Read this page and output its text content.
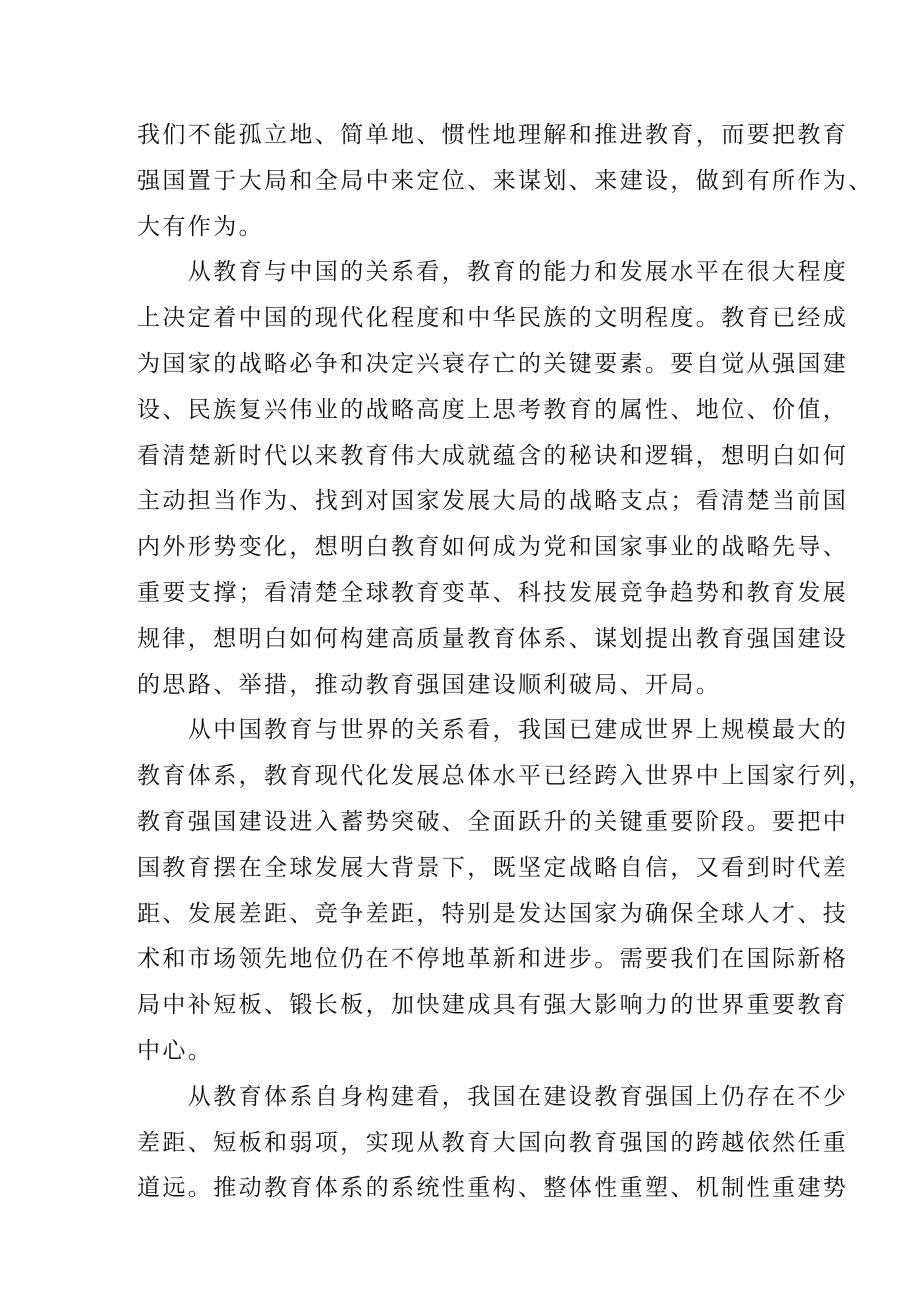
我们不能孤立地、简单地、惯性地理解和推进教育，而要把教育
强国置于大局和全局中来定位、来谋划、来建设，做到有所作为、
大有作为。
　　从教育与中国的关系看，教育的能力和发展水平在很大程度
上决定着中国的现代化程度和中华民族的文明程度。教育已经成
为国家的战略必争和决定兴衰存亡的关键要素。要自觉从强国建
设、民族复兴伟业的战略高度上思考教育的属性、地位、价值，
看清楚新时代以来教育伟大成就蕴含的秘诀和逻辑，想明白如何
主动担当作为、找到对国家发展大局的战略支点；看清楚当前国
内外形势变化，想明白教育如何成为党和国家事业的战略先导、
重要支撑；看清楚全球教育变革、科技发展竞争趋势和教育发展
规律，想明白如何构建高质量教育体系、谋划提出教育强国建设
的思路、举措，推动教育强国建设顺利破局、开局。
　　从中国教育与世界的关系看，我国已建成世界上规模最大的
教育体系，教育现代化发展总体水平已经跨入世界中上国家行列，
教育强国建设进入蓄势突破、全面跃升的关键重要阶段。要把中
国教育摆在全球发展大背景下，既坚定战略自信，又看到时代差
距、发展差距、竞争差距，特别是发达国家为确保全球人才、技
术和市场领先地位仍在不停地革新和进步。需要我们在国际新格
局中补短板、锻长板，加快建成具有强大影响力的世界重要教育
中心。
　　从教育体系自身构建看，我国在建设教育强国上仍存在不少
差距、短板和弱项，实现从教育大国向教育强国的跨越依然任重
道远。推动教育体系的系统性重构、整体性重塑、机制性重建势
